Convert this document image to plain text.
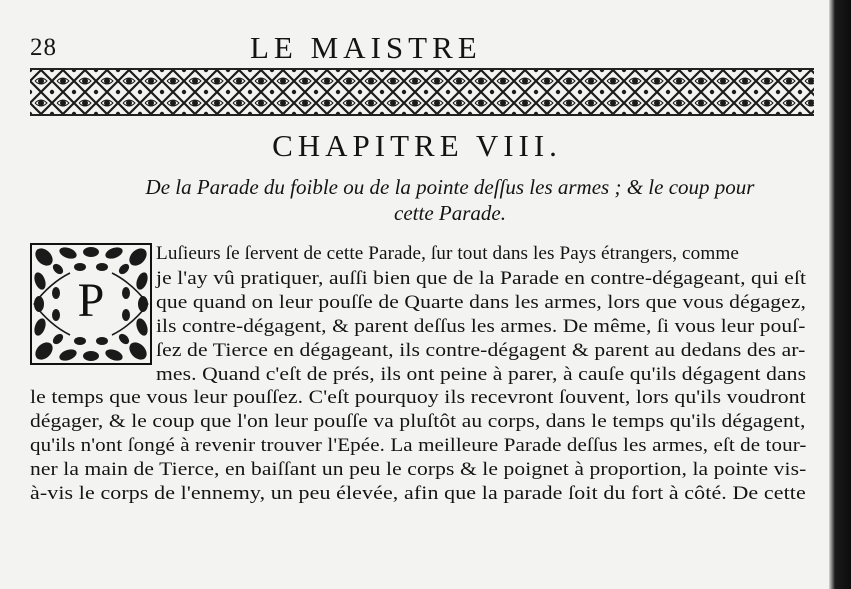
28	LE MAISTRE
CHAPITRE VIII.
De la Parade du foible ou de la pointe deſſus les armes ; & le coup pour
cette Parade.
P
Luſieurs ſe ſervent de cette Parade, ſur tout dans les Pays étrangers, comme
je l'ay vû pratiquer, auſſi bien que de la Parade en contre-dégageant, qui eſt
que quand on leur pouſſe de Quarte dans les armes, lors que vous dégagez,
ils contre-dégagent, & parent deſſus les armes. De même, ſi vous leur pouſ-
ſez de Tierce en dégageant, ils contre-dégagent & parent au dedans des ar-
mes. Quand c'eſt de prés, ils ont peine à parer, à cauſe qu'ils dégagent dans
le temps que vous leur pouſſez. C'eſt pourquoy ils recevront ſouvent, lors qu'ils voudront
dégager, & le coup que l'on leur pouſſe va pluſtôt au corps, dans le temps qu'ils dégagent,
qu'ils n'ont ſongé à revenir trouver l'Epée. La meilleure Parade deſſus les armes, eſt de tour-
ner la main de Tierce, en baiſſant un peu le corps & le poignet à proportion, la pointe vis-
à-vis le corps de l'ennemy, un peu élevée, afin que la parade ſoit du fort à côté. De cette
